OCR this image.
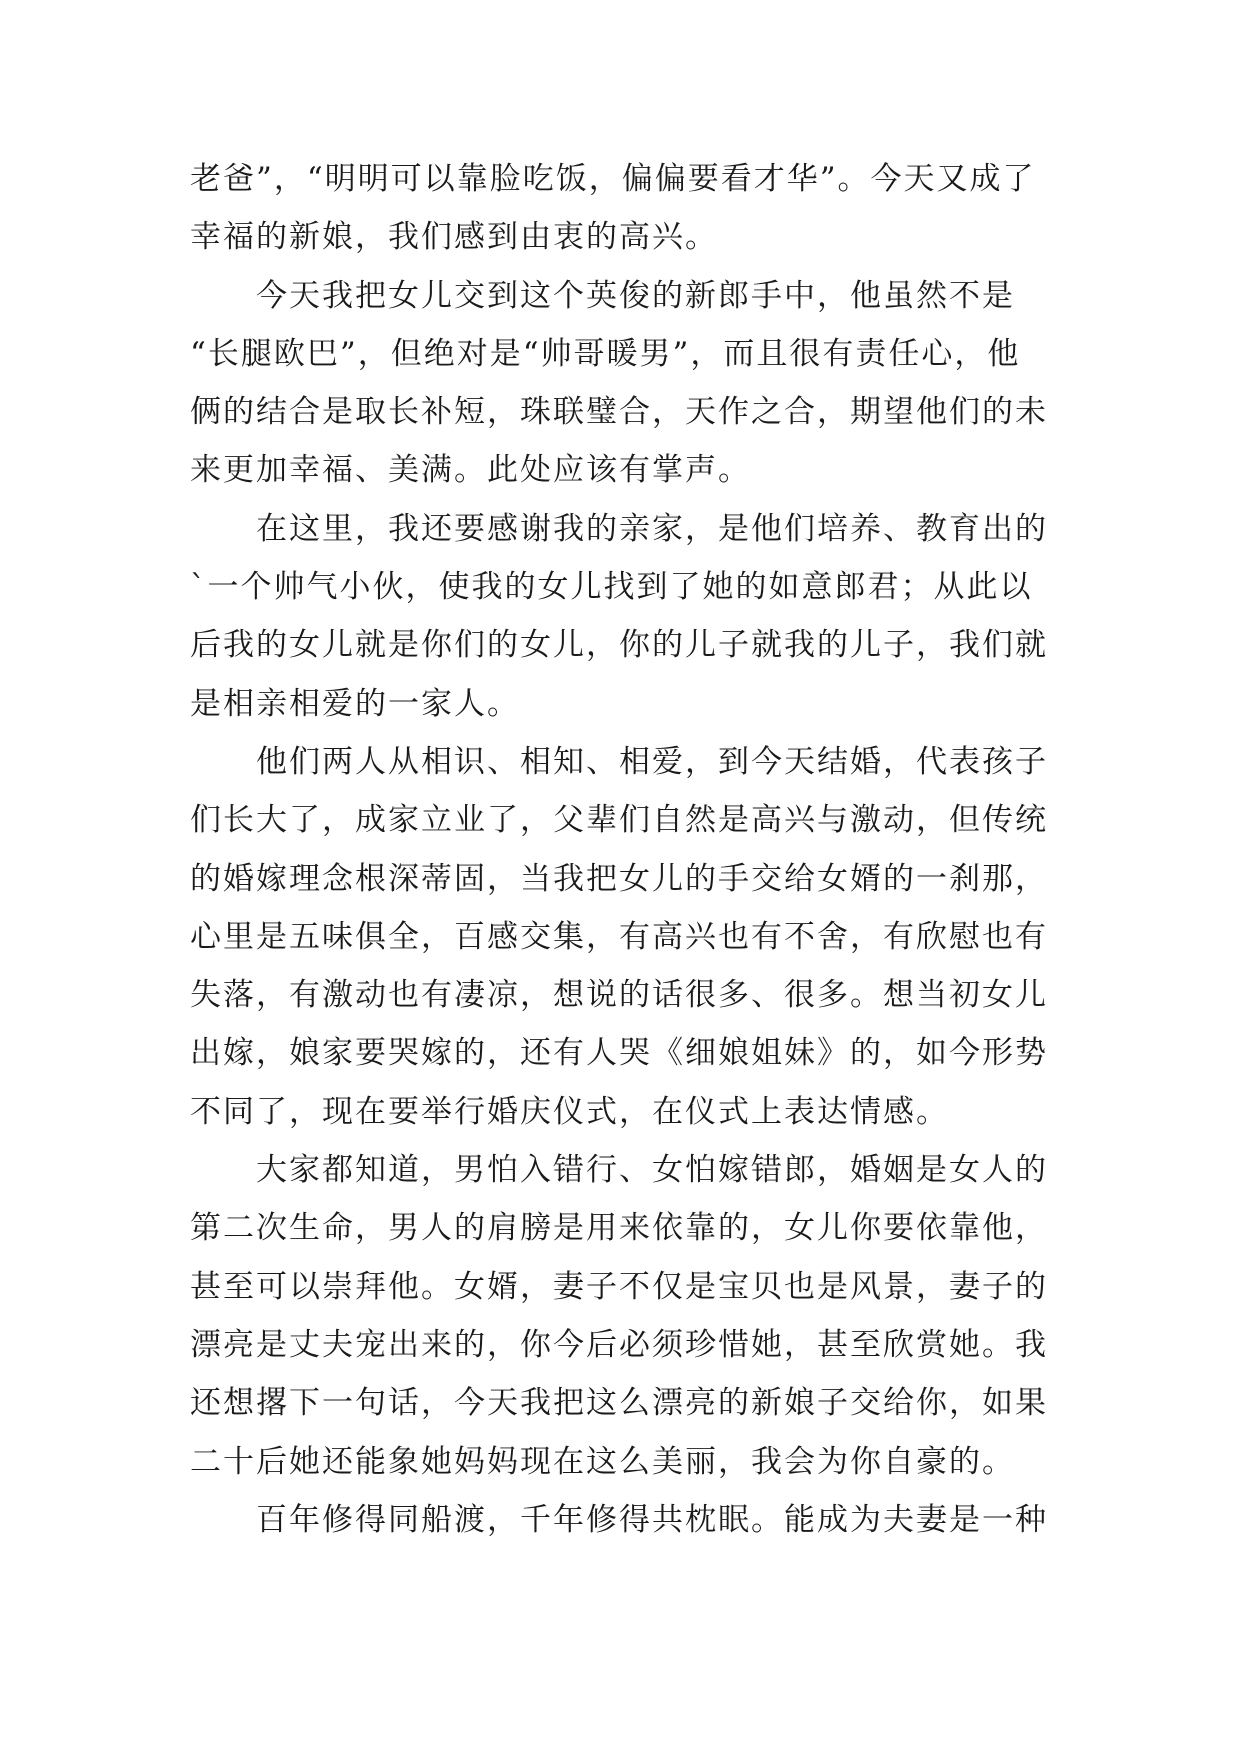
老爸”，“明明可以靠脸吃饭，偏偏要看才华”。今天又成了
幸福的新娘，我们感到由衷的高兴。
今天我把女儿交到这个英俊的新郎手中，他虽然不是
“长腿欧巴”，但绝对是“帅哥暖男”，而且很有责任心，他
俩的结合是取长补短，珠联璧合，天作之合，期望他们的未
来更加幸福、美满。此处应该有掌声。
在这里，我还要感谢我的亲家，是他们培养、教育出的
`一个帅气小伙，使我的女儿找到了她的如意郎君；从此以
后我的女儿就是你们的女儿，你的儿子就我的儿子，我们就
是相亲相爱的一家人。
他们两人从相识、相知、相爱，到今天结婚，代表孩子
们长大了，成家立业了，父辈们自然是高兴与激动，但传统
的婚嫁理念根深蒂固，当我把女儿的手交给女婿的一刹那，
心里是五味俱全，百感交集，有高兴也有不舍，有欣慰也有
失落，有激动也有凄凉，想说的话很多、很多。想当初女儿
出嫁，娘家要哭嫁的，还有人哭《细娘姐妹》的，如今形势
不同了，现在要举行婚庆仪式，在仪式上表达情感。
大家都知道，男怕入错行、女怕嫁错郎，婚姻是女人的
第二次生命，男人的肩膀是用来依靠的，女儿你要依靠他，
甚至可以崇拜他。女婿，妻子不仅是宝贝也是风景，妻子的
漂亮是丈夫宠出来的，你今后必须珍惜她，甚至欣赏她。我
还想撂下一句话，今天我把这么漂亮的新娘子交给你，如果
二十后她还能象她妈妈现在这么美丽，我会为你自豪的。
百年修得同船渡，千年修得共枕眠。能成为夫妻是一种
